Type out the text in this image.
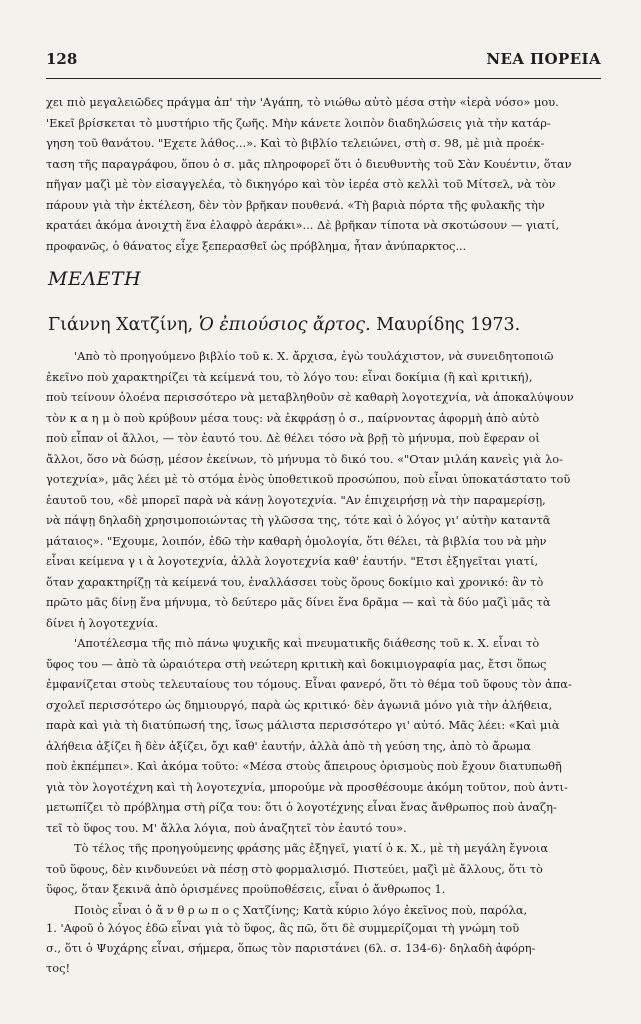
128	ΝΕΑ ΠΟΡΕΙΑ
χει πιὸ μεγαλειῶδες πράγμα ἀπ' τὴν 'Αγάπη, τὸ νιώθω αὐτὸ μέσα στὴν «ἱερὰ νόσο» μου.
'Εκεῖ βρίσκεται τὸ μυστήριο τῆς ζωῆς. Μὴν κάνετε λοιπὸν διαδηλώσεις γιὰ τὴν κατάρ-
γηση τοῦ θανάτου. "Εχετε λάθος...». Καὶ τὸ βιβλίο τελειώνει, στὴ σ. 98, μὲ μιὰ προέκ-
ταση τῆς παραγράφου, ὅπου ὁ σ. μᾶς πληροφορεῖ ὅτι ὁ διευθυντὴς τοῦ Σὰν Κουέντιν, ὅταν
πῆγαν μαζὶ μὲ τὸν εἰσαγγελέα, τὸ δικηγόρο καὶ τὸν ἱερέα στὸ κελλὶ τοῦ Μίτσελ, νὰ τὸν
πάρουν γιὰ τὴν ἐκτέλεση, δὲν τὸν βρῆκαν πουθενά. «Τὴ βαριὰ πόρτα τῆς φυλακῆς τὴν
κρατάει ἀκόμα ἀνοιχτὴ ἕνα ἐλαφρὸ ἀεράκι»... Δὲ βρῆκαν τίποτα νὰ σκοτώσουν — γιατί,
προφανῶς, ὁ θάνατος εἶχε ξεπερασθεῖ ὡς πρόβλημα, ἦταν ἀνύπαρκτος...
ΜΕΛΕΤΗ
Γιάννη Χατζίνη, Ὁ ἐπιούσιος ἄρτος. Μαυρίδης 1973.
'Απὸ τὸ προηγούμενο βιβλίο τοῦ κ. Χ. ἄρχισα, ἐγὼ τουλάχιστον, νὰ συνειδητοποιῶ
ἐκεῖνο ποὺ χαρακτηρίζει τὰ κείμενά του, τὸ λόγο του: εἶναι δοκίμια (ἢ καὶ κριτική),
ποὺ τείνουν ὁλοένα περισσότερο νὰ μεταβληθοῦν σὲ καθαρὴ λογοτεχνία, νὰ ἀποκαλύψουν
τὸν κ α η μ ὸ ποὺ κρύβουν μέσα τους: νὰ ἐκφράσῃ ὁ σ., παίρνοντας ἀφορμὴ ἀπὸ αὐτὸ
ποὺ εἶπαν οἱ ἄλλοι, — τὸν ἑαυτό του. Δὲ θέλει τόσο νὰ βρῇ τὸ μήνυμα, ποὺ ἔφεραν οἱ
ἄλλοι, ὅσο νὰ δώσῃ, μέσον ἐκείνων, τὸ μήνυμα τὸ δικό του. «"Οταν μιλάη κανεὶς γιὰ λο-
γοτεχνία», μᾶς λέει μὲ τὸ στόμα ἑνὸς ὑποθετικοῦ προσώπου, ποὺ εἶναι ὑποκατάστατο τοῦ
ἑαυτοῦ του, «δὲ μπορεῖ παρὰ νὰ κάνῃ λογοτεχνία. "Αν ἐπιχειρήσῃ νὰ τὴν παραμερίσῃ,
νὰ πάψῃ δηλαδὴ χρησιμοποιώντας τὴ γλῶσσα της, τότε καὶ ὁ λόγος γι' αὐτὴν καταντᾶ
μάταιος». "Εχουμε, λοιπόν, ἐδῶ τὴν καθαρὴ ὁμολογία, ὅτι θέλει, τὰ βιβλία του νὰ μὴν
εἶναι κείμενα γ ι ὰ λογοτεχνία, ἀλλὰ λογοτεχνία καθ' ἑαυτήν. "Ετσι ἐξηγεῖται γιατί,
ὅταν χαρακτηρίζῃ τὰ κείμενά του, ἐναλλάσσει τοὺς ὅρους δοκίμιο καὶ χρονικό: ἂν τὸ
πρῶτο μᾶς δίνῃ ἕνα μήνυμα, τὸ δεύτερο μᾶς δίνει ἕνα δρᾶμα — καὶ τὰ δύο μαζὶ μᾶς τὰ
δίνει ἡ λογοτεχνία.
'Αποτέλεσμα τῆς πιὸ πάνω ψυχικῆς καὶ πνευματικῆς διάθεσης τοῦ κ. Χ. εἶναι τὸ
ὕφος του — ἀπὸ τὰ ὡραιότερα στὴ νεώτερη κριτικὴ καὶ δοκιμιογραφία μας, ἔτσι ὅπως
ἐμφανίζεται στοὺς τελευταίους του τόμους. Εἶναι φανερό, ὅτι τὸ θέμα τοῦ ὕφους τὸν ἀπα-
σχολεῖ περισσότερο ὡς δημιουργό, παρὰ ὡς κριτικό· δὲν ἀγωνιᾶ μόνο γιὰ τὴν ἀλήθεια,
παρὰ καὶ γιὰ τὴ διατύπωσή της, ἴσως μάλιστα περισσότερο γι' αὐτό. Μᾶς λέει: «Καὶ μιὰ
ἀλήθεια ἀξίζει ἢ δὲν ἀξίζει, ὄχι καθ' ἑαυτήν, ἀλλὰ ἀπὸ τὴ γεύση της, ἀπὸ τὸ ἄρωμα
ποὺ ἐκπέμπει». Καὶ ἀκόμα τοῦτο: «Μέσα στοὺς ἄπειρους ὁρισμοὺς ποὺ ἔχουν διατυπωθῆ
γιὰ τὸν λογοτέχνη καὶ τὴ λογοτεχνία, μπορούμε νὰ προσθέσουμε ἀκόμη τοῦτον, ποὺ ἀντι-
μετωπίζει τὸ πρόβλημα στὴ ρίζα του: ὅτι ὁ λογοτέχνης εἶναι ἕνας ἄνθρωπος ποὺ ἀναζη-
τεῖ τὸ ὕφος του. Μ' ἄλλα λόγια, ποὺ ἀναζητεῖ τὸν ἑαυτό του».
Τὸ τέλος τῆς προηγούμενης φράσης μᾶς ἐξηγεῖ, γιατί ὁ κ. Χ., μὲ τὴ μεγάλη ἔγνοια
τοῦ ὕφους, δὲν κινδυνεύει νὰ πέσῃ στὸ φορμαλισμό. Πιστεύει, μαζὶ μὲ ἄλλους, ὅτι τὸ
ὕφος, ὅταν ξεκινᾶ ἀπὸ ὁρισμένες προϋποθέσεις, εἶναι ὁ ἄνθρωπος 1.
Ποιὸς εἶναι ὁ ἄ ν θ ρ ω π ο ς Χατζίνης; Κατὰ κύριο λόγο ἐκεῖνος ποὺ, παρόλα,
1. 'Αφοῦ ὁ λόγος ἐδῶ εἶναι γιὰ τὸ ὕφος, ἂς πῶ, ὅτι δὲ συμμερίζομαι τὴ γνώμη τοῦ
σ., ὅτι ὁ Ψυχάρης εἶναι, σήμερα, ὅπως τὸν παριστάνει (6λ. σ. 134-6)· δηλαδὴ ἀφόρη-
τος!
